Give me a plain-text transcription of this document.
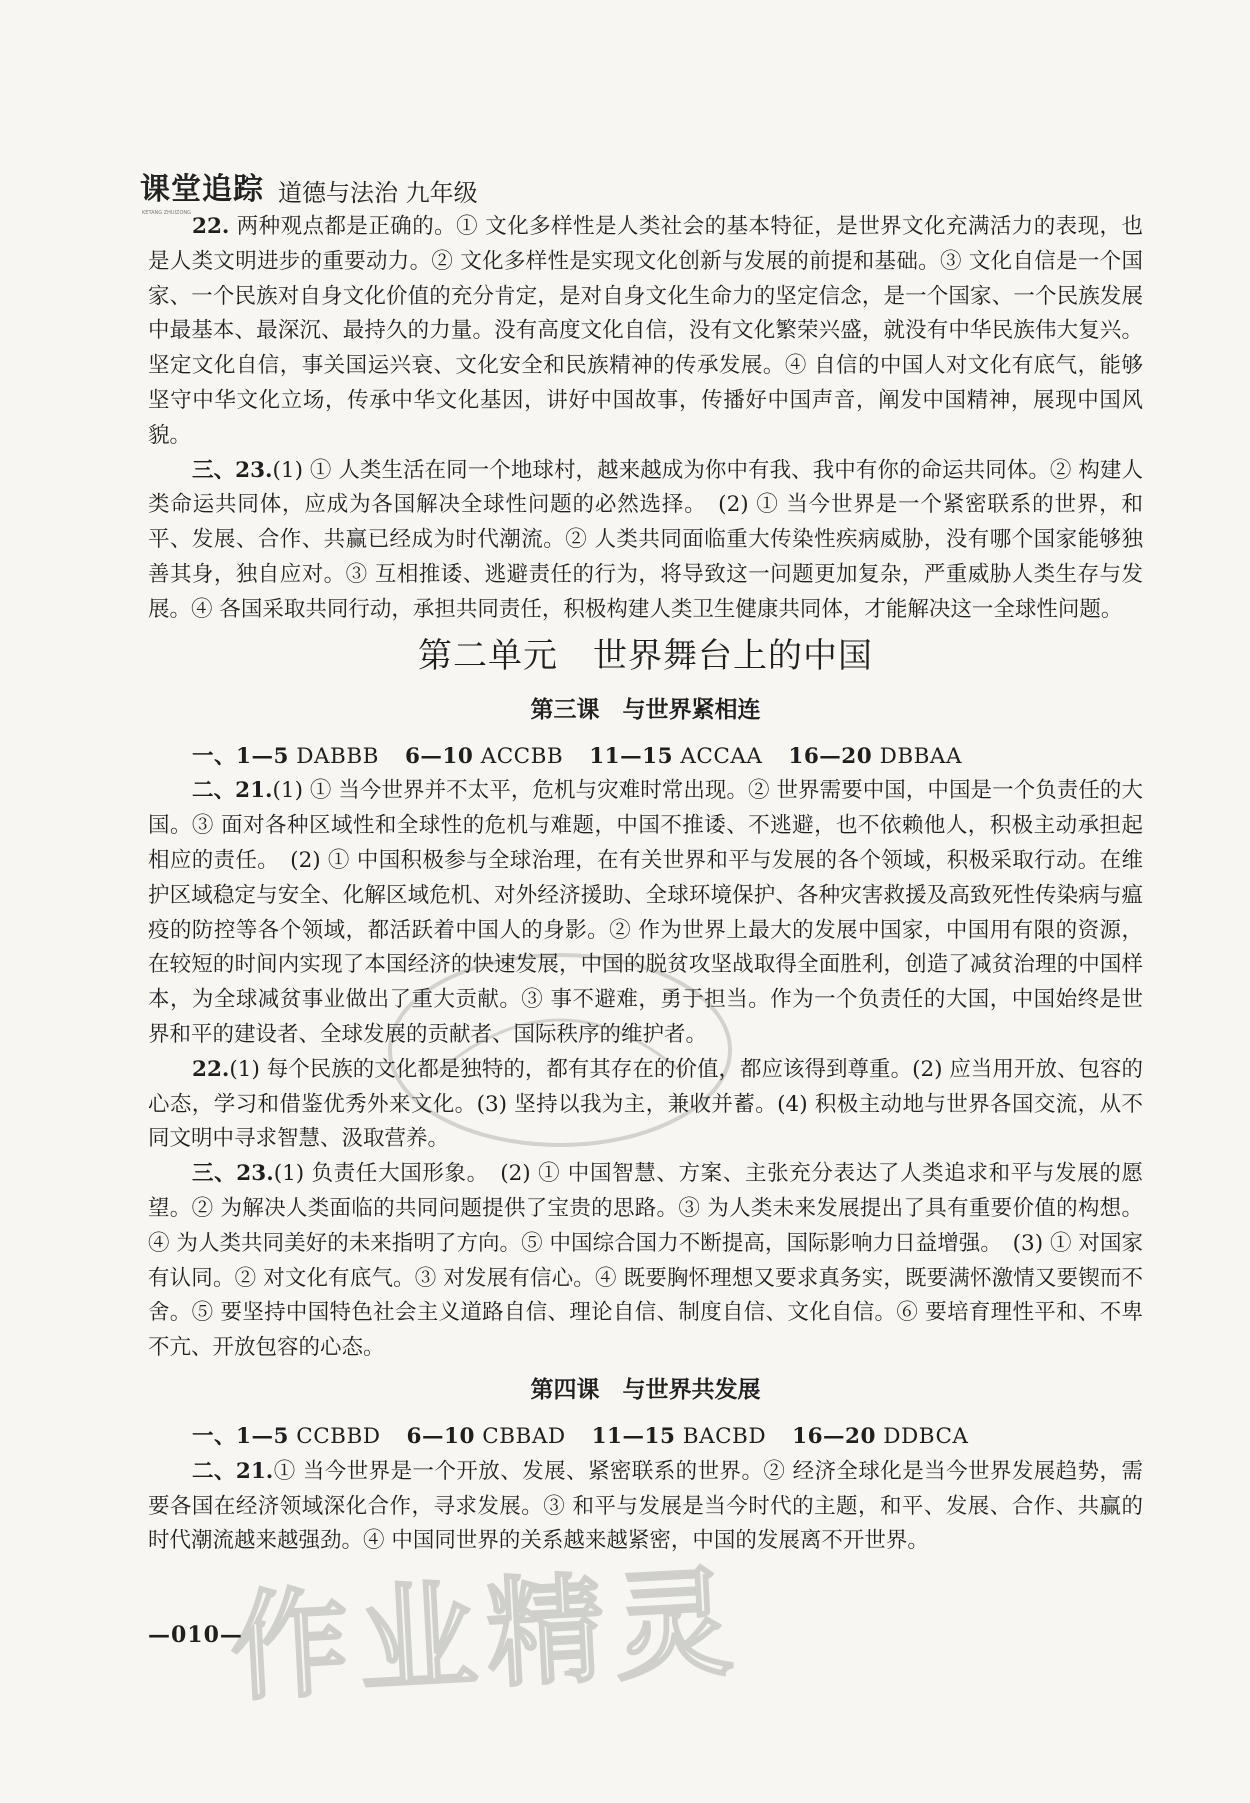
课堂追踪
KETANG ZHUIZONG
道德与法治 九年级

22. 两种观点都是正确的。① 文化多样性是人类社会的基本特征，是世界文化充满活力的表现，也是人类文明进步的重要动力。② 文化多样性是实现文化创新与发展的前提和基础。③ 文化自信是一个国家、一个民族对自身文化价值的充分肯定，是对自身文化生命力的坚定信念，是一个国家、一个民族发展中最基本、最深沉、最持久的力量。没有高度文化自信，没有文化繁荣兴盛，就没有中华民族伟大复兴。坚定文化自信，事关国运兴衰、文化安全和民族精神的传承发展。④ 自信的中国人对文化有底气，能够坚守中华文化立场，传承中华文化基因，讲好中国故事，传播好中国声音，阐发中国精神，展现中国风貌。

三、23.(1) ① 人类生活在同一个地球村，越来越成为你中有我、我中有你的命运共同体。② 构建人类命运共同体，应成为各国解决全球性问题的必然选择。　(2) ① 当今世界是一个紧密联系的世界，和平、发展、合作、共赢已经成为时代潮流。② 人类共同面临重大传染性疾病威胁，没有哪个国家能够独善其身，独自应对。③ 互相推诿、逃避责任的行为，将导致这一问题更加复杂，严重威胁人类生存与发展。④ 各国采取共同行动，承担共同责任，积极构建人类卫生健康共同体，才能解决这一全球性问题。

第二单元　世界舞台上的中国

第三课　与世界紧相连

一、1—5 DABBB 6—10 ACCBB 11—15 ACCAA 16—20 DBBAA

二、21.(1) ① 当今世界并不太平，危机与灾难时常出现。② 世界需要中国，中国是一个负责任的大国。③ 面对各种区域性和全球性的危机与难题，中国不推诿、不逃避，也不依赖他人，积极主动承担起相应的责任。　(2) ① 中国积极参与全球治理，在有关世界和平与发展的各个领域，积极采取行动。在维护区域稳定与安全、化解区域危机、对外经济援助、全球环境保护、各种灾害救援及高致死性传染病与瘟疫的防控等各个领域，都活跃着中国人的身影。② 作为世界上最大的发展中国家，中国用有限的资源，在较短的时间内实现了本国经济的快速发展，中国的脱贫攻坚战取得全面胜利，创造了减贫治理的中国样本，为全球减贫事业做出了重大贡献。③ 事不避难，勇于担当。作为一个负责任的大国，中国始终是世界和平的建设者、全球发展的贡献者、国际秩序的维护者。

22.(1) 每个民族的文化都是独特的，都有其存在的价值，都应该得到尊重。(2) 应当用开放、包容的心态，学习和借鉴优秀外来文化。(3) 坚持以我为主，兼收并蓄。(4) 积极主动地与世界各国交流，从不同文明中寻求智慧、汲取营养。

三、23.(1) 负责任大国形象。　(2) ① 中国智慧、方案、主张充分表达了人类追求和平与发展的愿望。② 为解决人类面临的共同问题提供了宝贵的思路。③ 为人类未来发展提出了具有重要价值的构想。④ 为人类共同美好的未来指明了方向。⑤ 中国综合国力不断提高，国际影响力日益增强。　(3) ① 对国家有认同。② 对文化有底气。③ 对发展有信心。④ 既要胸怀理想又要求真务实，既要满怀激情又要锲而不舍。⑤ 要坚持中国特色社会主义道路自信、理论自信、制度自信、文化自信。⑥ 要培育理性平和、不卑不亢、开放包容的心态。

第四课　与世界共发展

一、1—5 CCBBD 6—10 CBBAD 11—15 BACBD 16—20 DDBCA

二、21.① 当今世界是一个开放、发展、紧密联系的世界。② 经济全球化是当今世界发展趋势，需要各国在经济领域深化合作，寻求发展。③ 和平与发展是当今时代的主题，和平、发展、合作、共赢的时代潮流越来越强劲。④ 中国同世界的关系越来越紧密，中国的发展离不开世界。

—010—
作业精灵
